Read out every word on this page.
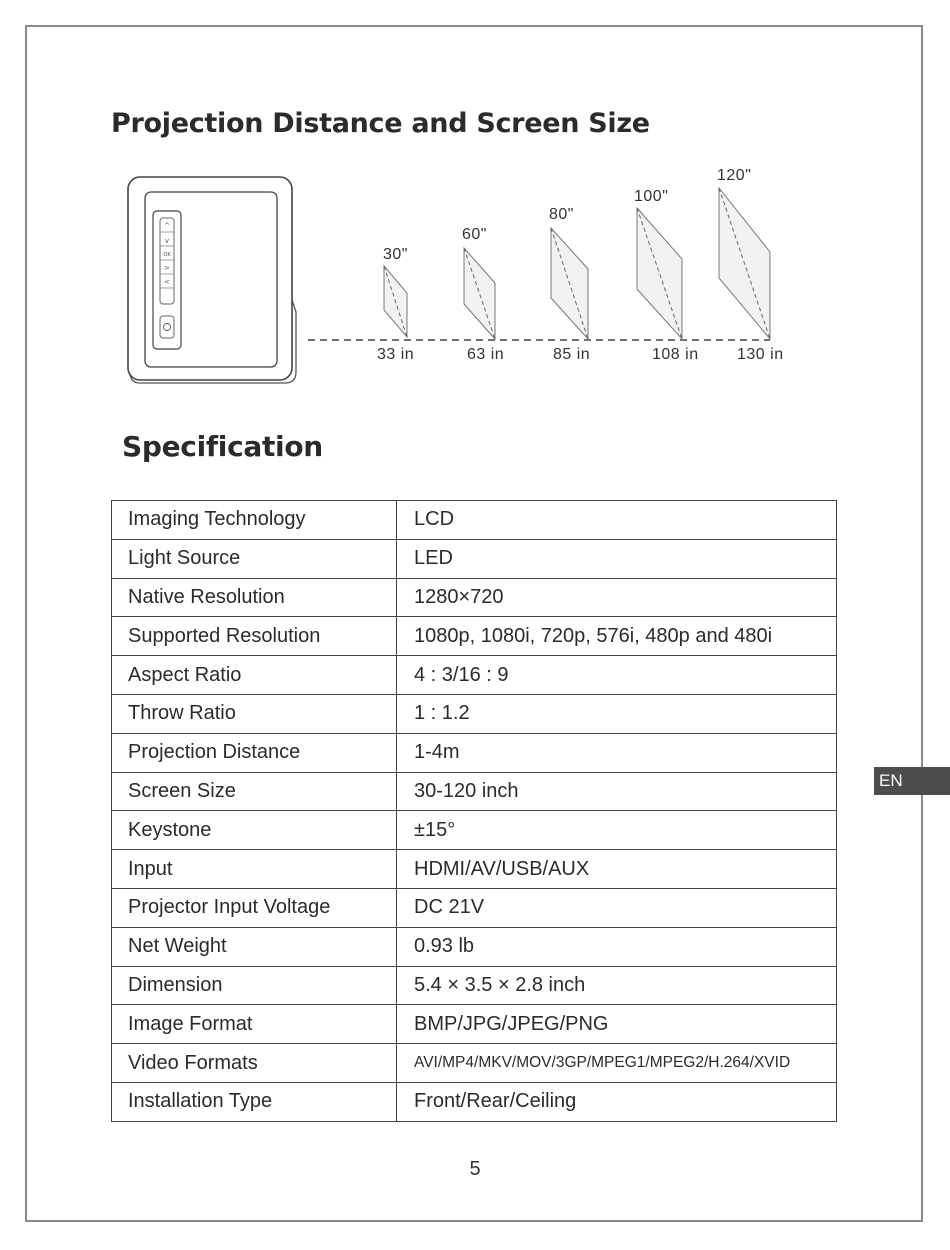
Projection Distance and Screen Size
^
v
OK
>
<
30"
60"
80"
100"
120"
33 in	63 in	85 in	108 in 130 in
Specification
Imaging Technology	LCD
Light Source	LED
Native Resolution	1280×720
Supported Resolution	1080p, 1080i, 720p, 576i, 480p and 480i
Aspect Ratio	4 : 3/16 : 9
Throw Ratio	1 : 1.2
Projection Distance	1-4m
Screen Size	30-120 inch
Keystone	±15°
Input	HDMI/AV/USB/AUX
Projector Input Voltage	DC 21V
Net Weight	0.93 lb
Dimension	5.4 × 3.5 × 2.8 inch
Image Format	BMP/JPG/JPEG/PNG
Video Formats	AVI/MP4/MKV/MOV/3GP/MPEG1/MPEG2/H.264/XVID
Installation Type	Front/Rear/Ceiling
EN
5
